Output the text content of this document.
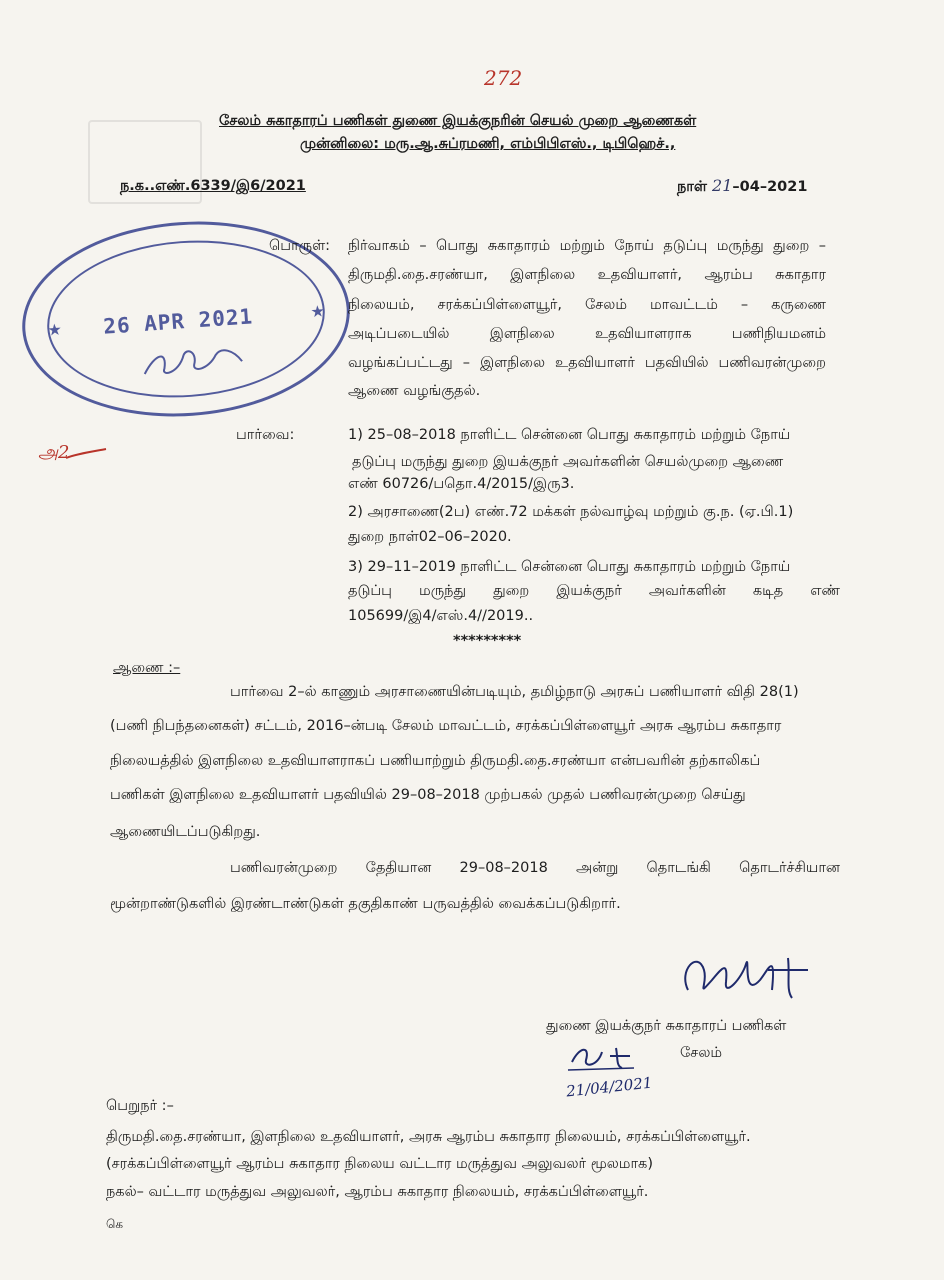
272
சேலம் சுகாதாரப் பணிகள் துணை இயக்குநரின் செயல் முறை ஆணைகள்
முன்னிலை: மரு.ஆ.சுப்ரமணி, எம்பிபிஎஸ்., டிபிஹெச்.,
ந.க..எண்.6339/இ6/2021	நாள் 21–04–2021
★
★
26 APR 2021
அ2
பொருள்: நிர்வாகம் – பொது சுகாதாரம் மற்றும் நோய் தடுப்பு மருந்து துறை –
திருமதி.தை.சரண்யா, இளநிலை உதவியாளர், ஆரம்ப சுகாதார
நிலையம், சரக்கப்பிள்ளையூர், சேலம் மாவட்டம் – கருணை
அடிப்படையில் இளநிலை உதவியாளராக பணிநியமனம்
வழங்கப்பட்டது – இளநிலை உதவியாளர் பதவியில் பணிவரன்முறை
ஆணை வழங்குதல்.
பார்வை:	1) 25–08–2018 நாளிட்ட சென்னை பொது சுகாதாரம் மற்றும் நோய்
தடுப்பு மருந்து துறை இயக்குநர் அவர்களின் செயல்முறை ஆணை
எண் 60726/பதொ.4/2015/இரு3.
2) அரசாணை(2ப) எண்.72 மக்கள் நல்வாழ்வு மற்றும் கு.ந. (ஏ.பி.1)
துறை நாள்02–06–2020.
3) 29–11–2019 நாளிட்ட சென்னை பொது சுகாதாரம் மற்றும் நோய்
தடுப்பு மருந்து துறை இயக்குநர் அவர்களின் கடித எண்
105699/இ4/எஸ்.4//2019..
*********
ஆணை :–
பார்வை 2–ல் காணும் அரசாணையின்படியும், தமிழ்நாடு அரசுப் பணியாளர் விதி 28(1)
(பணி நிபந்தனைகள்) சட்டம், 2016–ன்படி சேலம் மாவட்டம், சரக்கப்பிள்ளையூர் அரசு ஆரம்ப சுகாதார
நிலையத்தில் இளநிலை உதவியாளராகப் பணியாற்றும் திருமதி.தை.சரண்யா என்பவரின் தற்காலிகப்
பணிகள் இளநிலை உதவியாளர் பதவியில் 29–08–2018 முற்பகல் முதல் பணிவரன்முறை செய்து
ஆணையிடப்படுகிறது.
பணிவரன்முறை தேதியான 29–08–2018 அன்று தொடங்கி தொடர்ச்சியான
மூன்றாண்டுகளில் இரண்டாண்டுகள் தகுதிகாண் பருவத்தில் வைக்கப்படுகிறார்.
துணை இயக்குநர் சுகாதாரப் பணிகள்
சேலம்
21/04/2021
பெறுநர் :–
திருமதி.தை.சரண்யா, இளநிலை உதவியாளர், அரசு ஆரம்ப சுகாதார நிலையம், சரக்கப்பிள்ளையூர்.
(சரக்கப்பிள்ளையூர் ஆரம்ப சுகாதார நிலைய வட்டார மருத்துவ அலுவலர் மூலமாக)
நகல்– வட்டார மருத்துவ அலுவலர், ஆரம்ப சுகாதார நிலையம், சரக்கப்பிள்ளையூர்.
கெ
